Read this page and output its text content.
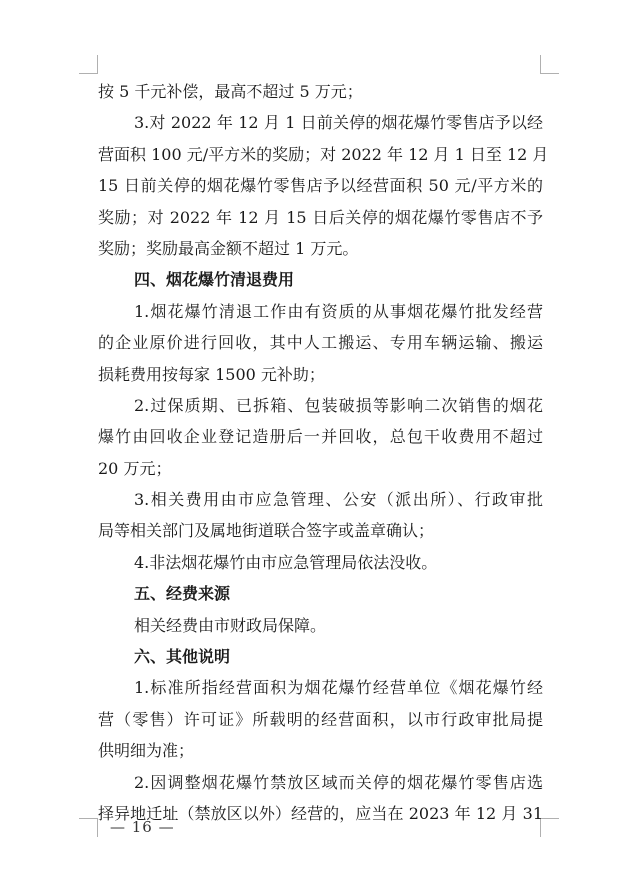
按 5 千元补偿，最高不超过 5 万元；
3.对 2022 年 12 月 1 日前关停的烟花爆竹零售店予以经
营面积 100 元/平方米的奖励；对 2022 年 12 月 1 日至 12 月
15 日前关停的烟花爆竹零售店予以经营面积 50 元/平方米的
奖励；对 2022 年 12 月 15 日后关停的烟花爆竹零售店不予
奖励；奖励最高金额不超过 1 万元。
四、烟花爆竹清退费用
1.烟花爆竹清退工作由有资质的从事烟花爆竹批发经营
的企业原价进行回收，其中人工搬运、专用车辆运输、搬运
损耗费用按每家 1500 元补助；
2.过保质期、已拆箱、包装破损等影响二次销售的烟花
爆竹由回收企业登记造册后一并回收，总包干收费用不超过
20 万元；
3.相关费用由市应急管理、公安（派出所）、行政审批
局等相关部门及属地街道联合签字或盖章确认；
4.非法烟花爆竹由市应急管理局依法没收。
五、经费来源
相关经费由市财政局保障。
六、其他说明
1.标准所指经营面积为烟花爆竹经营单位《烟花爆竹经
营（零售）许可证》所载明的经营面积，以市行政审批局提
供明细为准；
2.因调整烟花爆竹禁放区域而关停的烟花爆竹零售店选
择异地迁址（禁放区以外）经营的，应当在 2023 年 12 月 31
— 16 —
